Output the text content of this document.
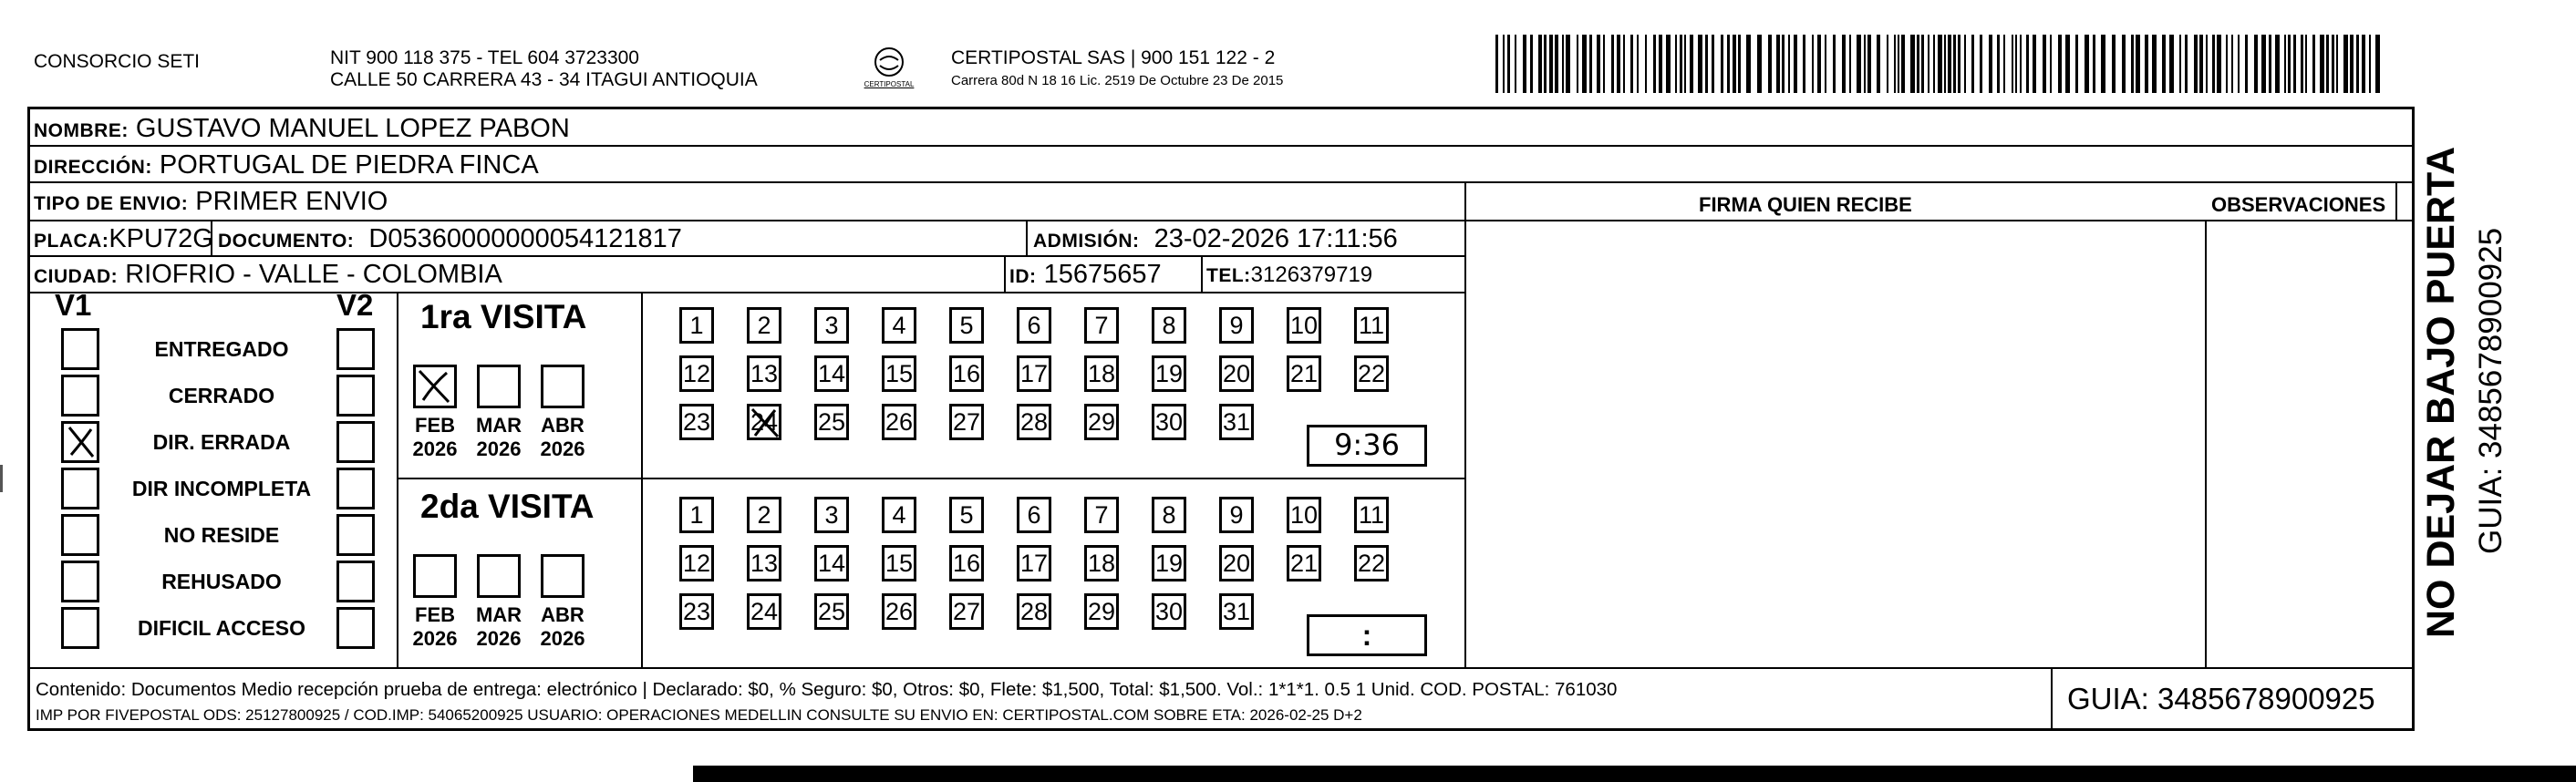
CONSORCIO SETI	NIT 900 118 375 - TEL 604 3723300
CALLE 50 CARRERA 43 - 34 ITAGUI ANTIOQUIA	CERTIPOSTAL
CERTIPOSTAL SAS | 900 151 122 - 2
Carrera 80d N 18 16 Lic. 2519 De Octubre 23 De 2015
NOMBRE: GUSTAVO MANUEL LOPEZ PABON
DIRECCIÓN: PORTUGAL DE PIEDRA FINCA
TIPO DE ENVIO: PRIMER ENVIO	FIRMA QUIEN RECIBE	OBSERVACIONES
PLACA:KPU72G DOCUMENTO: D05360000000054121817	ADMISIÓN: 23-02-2026 17:11:56
CIUDAD: RIOFRIO - VALLE - COLOMBIA	ID: 15675657 TEL:3126379719
V1	V2
ENTREGADO
CERRADO
DIR. ERRADA
DIR INCOMPLETA
NO RESIDE
REHUSADO
DIFICIL ACCESO
1ra VISITA
FEB
2026
MAR
2026
ABR
2026
1	2	3	4	5	6	7	8	9	10 11
12 13 14 15 16 17 18 19 20 21 22
23 24 25 26 27 28 29 30 31
9:36
2da VISITA
FEB
2026
MAR
2026
ABR
2026
1	2	3	4	5	6	7	8	9	10 11
12 13 14 15 16 17 18 19 20 21 22
23 24 25 26 27 28 29 30 31
:
Contenido: Documentos Medio recepción prueba de entrega: electrónico | Declarado: $0, % Seguro: $0, Otros: $0, Flete: $1,500, Total: $1,500. Vol.: 1*1*1. 0.5 1 Unid. COD. POSTAL: 761030
IMP POR FIVEPOSTAL ODS: 25127800925 / COD.IMP: 54065200925 USUARIO: OPERACIONES MEDELLIN CONSULTE SU ENVIO EN: CERTIPOSTAL.COM SOBRE ETA: 2026-02-25 D+2	GUIA: 3485678900925
NO DEJAR BAJO PUERTA GUIA: 3485678900925
